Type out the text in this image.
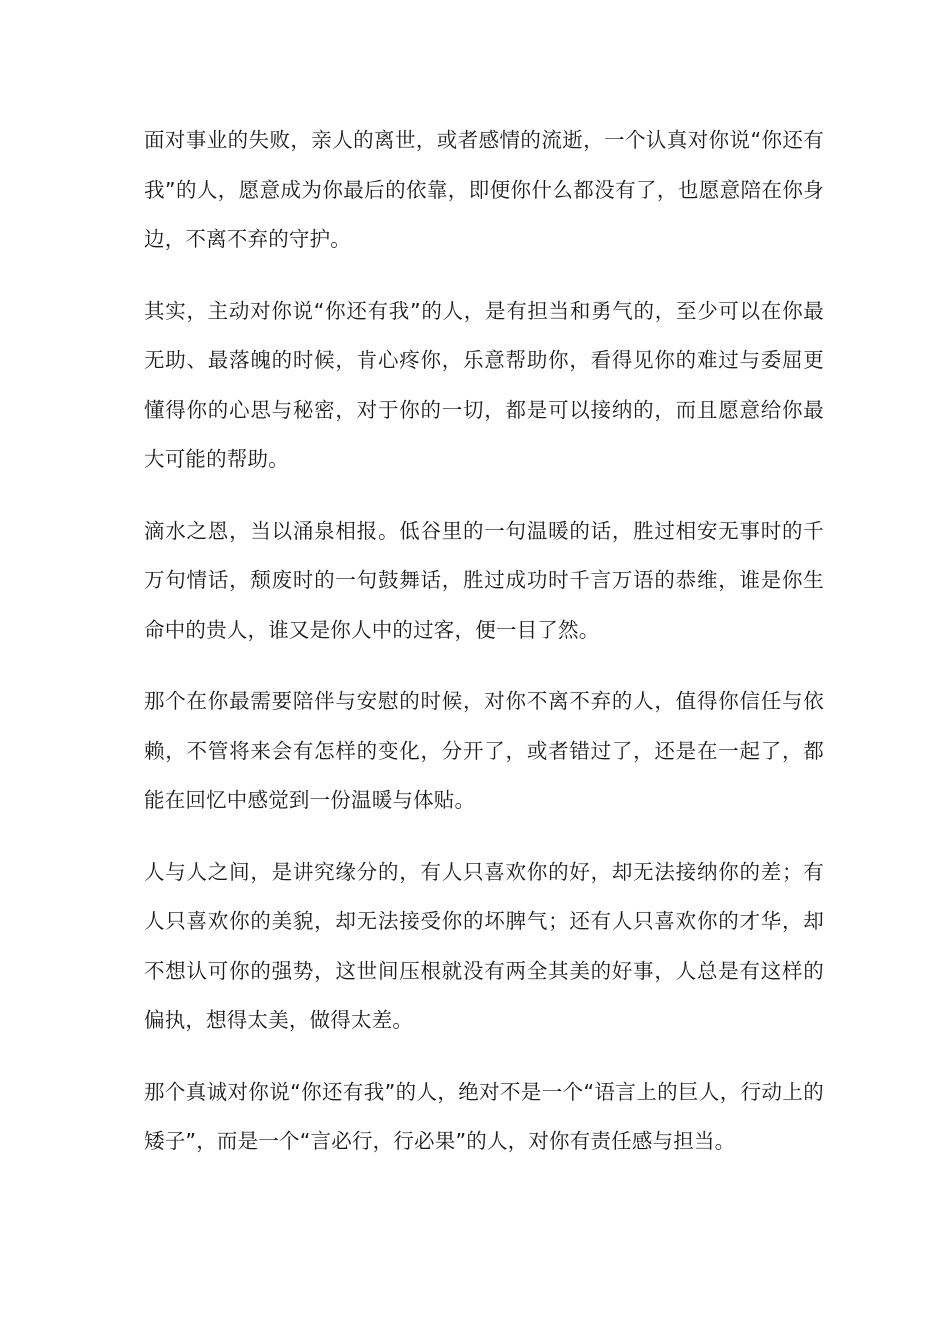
面对事业的失败，亲人的离世，或者感情的流逝，一个认真对你说“你还有我”的人，愿意成为你最后的依靠，即便你什么都没有了，也愿意陪在你身边，不离不弃的守护。

其实，主动对你说“你还有我”的人，是有担当和勇气的，至少可以在你最无助、最落魄的时候，肯心疼你，乐意帮助你，看得见你的难过与委屈更懂得你的心思与秘密，对于你的一切，都是可以接纳的，而且愿意给你最大可能的帮助。

滴水之恩，当以涌泉相报。低谷里的一句温暖的话，胜过相安无事时的千万句情话，颓废时的一句鼓舞话，胜过成功时千言万语的恭维，谁是你生命中的贵人，谁又是你人中的过客，便一目了然。

那个在你最需要陪伴与安慰的时候，对你不离不弃的人，值得你信任与依赖，不管将来会有怎样的变化，分开了，或者错过了，还是在一起了，都能在回忆中感觉到一份温暖与体贴。

人与人之间，是讲究缘分的，有人只喜欢你的好，却无法接纳你的差；有人只喜欢你的美貌，却无法接受你的坏脾气；还有人只喜欢你的才华，却不想认可你的强势，这世间压根就没有两全其美的好事，人总是有这样的偏执，想得太美，做得太差。

那个真诚对你说“你还有我”的人，绝对不是一个“语言上的巨人，行动上的矮子”，而是一个“言必行，行必果”的人，对你有责任感与担当。
